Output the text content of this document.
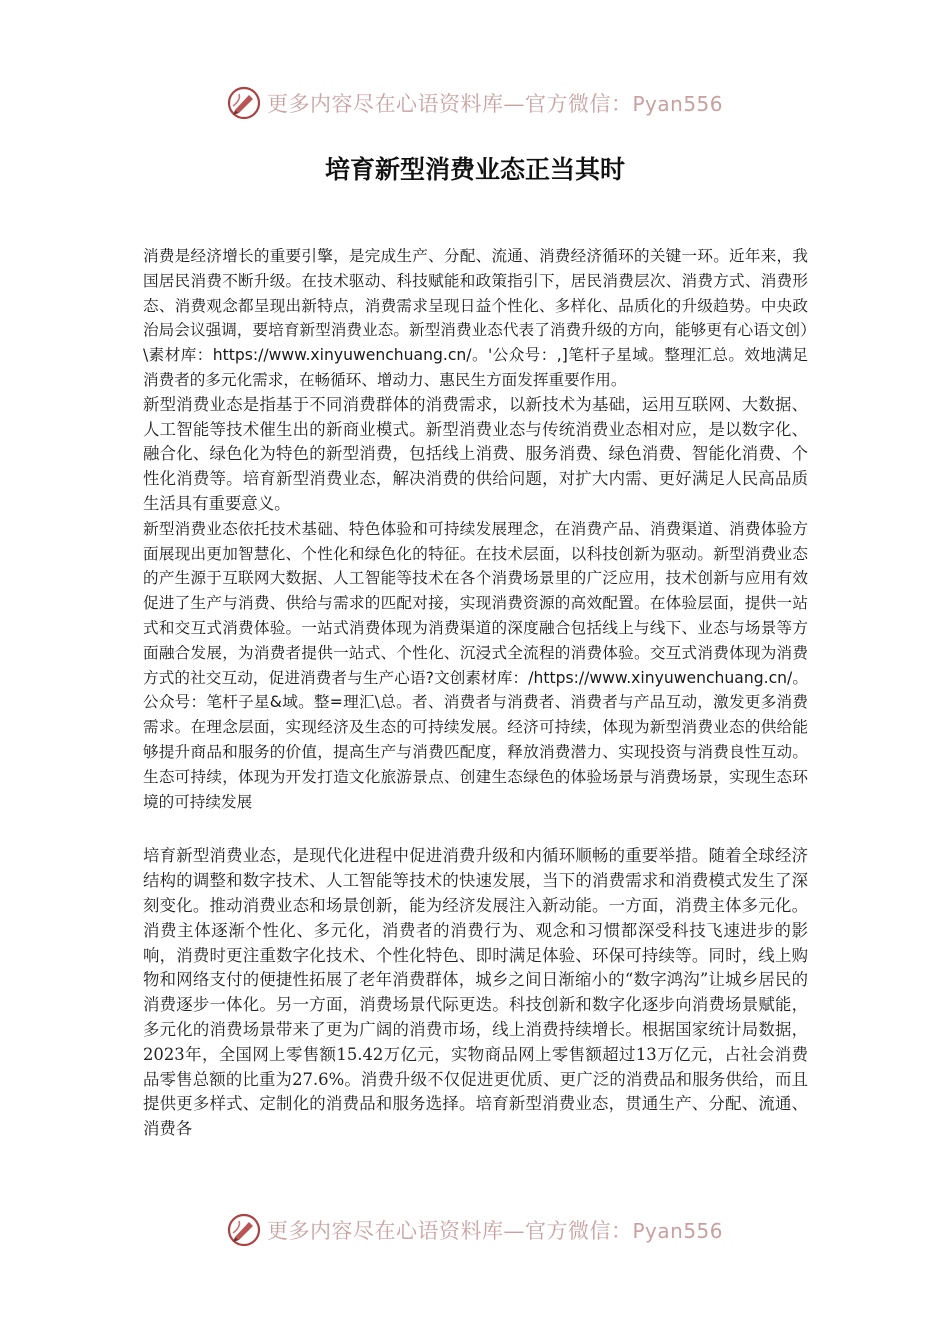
更多内容尽在心语资料库—官方微信：Pyan556
培育新型消费业态正当其时

消费是经济增长的重要引擎，是完成生产、分配、流通、消费经济循环的关键一环。近年来，我国居民消费不断升级。在技术驱动、科技赋能和政策指引下，居民消费层次、消费方式、消费形态、消费观念都呈现出新特点，消费需求呈现日益个性化、多样化、品质化的升级趋势。中央政治局会议强调，要培育新型消费业态。新型消费业态代表了消费升级的方向，能够更有心语文创）\素材库：https://www.xinyuwenchuang.cn/。'公众号：,]笔杆子星域。整理汇总。效地满足消费者的多元化需求，在畅循环、增动力、惠民生方面发挥重要作用。

新型消费业态是指基于不同消费群体的消费需求，以新技术为基础，运用互联网、大数据、人工智能等技术催生出的新商业模式。新型消费业态与传统消费业态相对应，是以数字化、融合化、绿色化为特色的新型消费，包括线上消费、服务消费、绿色消费、智能化消费、个性化消费等。培育新型消费业态，解决消费的供给问题，对扩大内需、更好满足人民高品质生活具有重要意义。

新型消费业态依托技术基础、特色体验和可持续发展理念，在消费产品、消费渠道、消费体验方面展现出更加智慧化、个性化和绿色化的特征。在技术层面，以科技创新为驱动。新型消费业态的产生源于互联网大数据、人工智能等技术在各个消费场景里的广泛应用，技术创新与应用有效促进了生产与消费、供给与需求的匹配对接，实现消费资源的高效配置。在体验层面，提供一站式和交互式消费体验。一站式消费体现为消费渠道的深度融合包括线上与线下、业态与场景等方面融合发展，为消费者提供一站式、个性化、沉浸式全流程的消费体验。交互式消费体现为消费方式的社交互动，促进消费者与生产心语?文创素材库：/https://www.xinyuwenchuang.cn/。公众号：笔杆子星&域。整=理汇\总。者、消费者与消费者、消费者与产品互动，激发更多消费需求。在理念层面，实现经济及生态的可持续发展。经济可持续，体现为新型消费业态的供给能够提升商品和服务的价值，提高生产与消费匹配度，释放消费潜力、实现投资与消费良性互动。生态可持续，体现为开发打造文化旅游景点、创建生态绿色的体验场景与消费场景，实现生态环境的可持续发展

培育新型消费业态，是现代化进程中促进消费升级和内循环顺畅的重要举措。随着全球经济结构的调整和数字技术、人工智能等技术的快速发展，当下的消费需求和消费模式发生了深刻变化。推动消费业态和场景创新，能为经济发展注入新动能。一方面，消费主体多元化。消费主体逐渐个性化、多元化，消费者的消费行为、观念和习惯都深受科技飞速进步的影响，消费时更注重数字化技术、个性化特色、即时满足体验、环保可持续等。同时，线上购物和网络支付的便捷性拓展了老年消费群体，城乡之间日渐缩小的“数字鸿沟”让城乡居民的消费逐步一体化。另一方面，消费场景代际更迭。科技创新和数字化逐步向消费场景赋能，多元化的消费场景带来了更为广阔的消费市场，线上消费持续增长。根据国家统计局数据，2023年，全国网上零售额15.42万亿元，实物商品网上零售额超过13万亿元，占社会消费品零售总额的比重为27.6%。消费升级不仅促进更优质、更广泛的消费品和服务供给，而且提供更多样式、定制化的消费品和服务选择。培育新型消费业态，贯通生产、分配、流通、消费各

更多内容尽在心语资料库—官方微信：Pyan556
